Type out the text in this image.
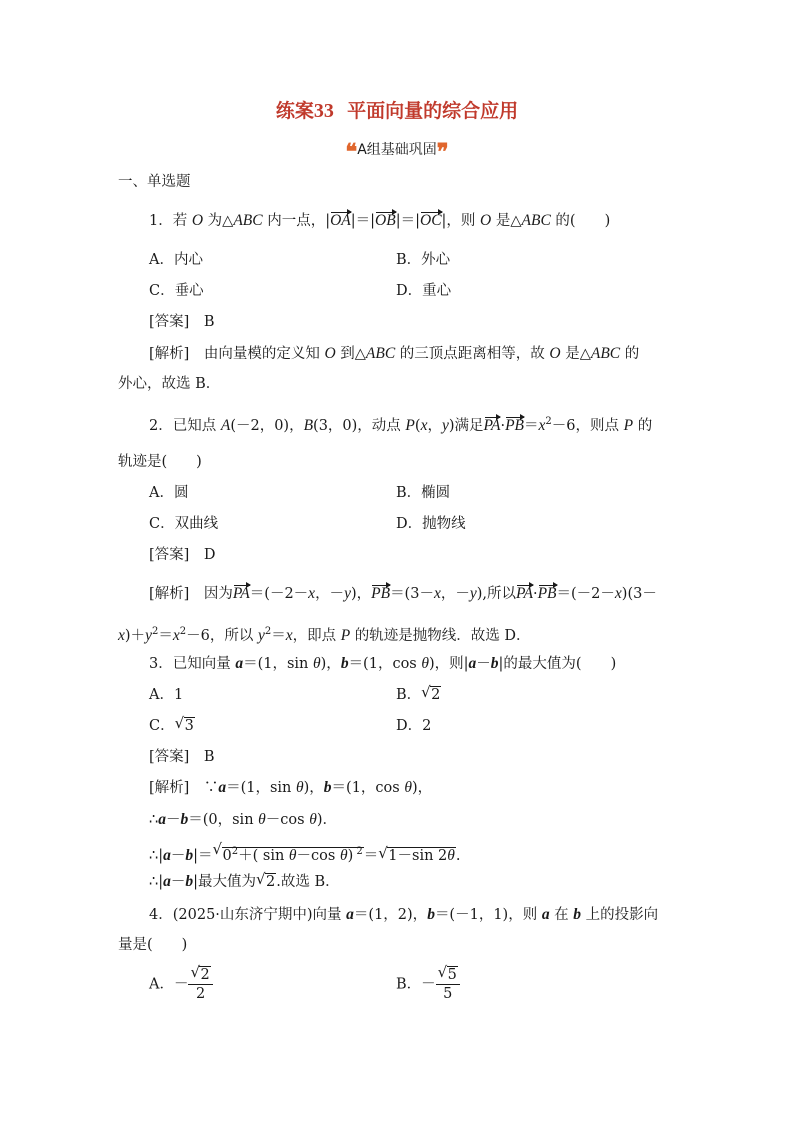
练案33 平面向量的综合应用
❝A组基础巩固❞
一、单选题
1．若 O 为△ABC 内一点，|OA|＝|OB|＝|OC|，则 O 是△ABC 的(　　)
A．内心	B．外心
C．垂心	D．重心
[答案]　 B
[解析]　由向量模的定义知 O 到△ABC 的三顶点距离相等，故 O 是△ABC 的
外心，故选 B．
2．已知点 A(－2，0)，B(3，0)，动点 P(x，y)满足$PA\cdot PB=x^2-6$，则点 P 的
轨迹是(　　)
A．圆	B．椭圆
C．双曲线	D．抛物线
[答案]　 D
[解析]　因为PA＝(－2－x，－y)，PB＝(3－x，－y),所以PA·PB＝(－2－x)(3－
$x)+y^2=x^2-6$，所以 $y^2=x$，即点 P 的轨迹是抛物线．故选 D．
3．已知向量 a＝(1，sin θ)，b＝(1，cos θ)，则|a－b|的最大值为(　　)
A．1	B． √ 2
C． √ 3	D．2
[答案]　 B
[解析]　∵a＝(1，sin θ)，b＝(1，cos θ)，
∴a－b＝(0，sin θ－cos θ)．
∴|a－b|＝ √ $0^2+$( sin θ－cos θ) $^2$＝ √ 1－sin 2θ.
∴|a－b|最大值为 √ 2.故选 B．
4．(2025·山东济宁期中)向量 a＝(1，2)，b＝(－1，1)，则 a 在 b 上的投影向
量是(　　)
A．－ $\frac{√ 2}{2}$	B．－ $\frac{√ 5}{5}$
